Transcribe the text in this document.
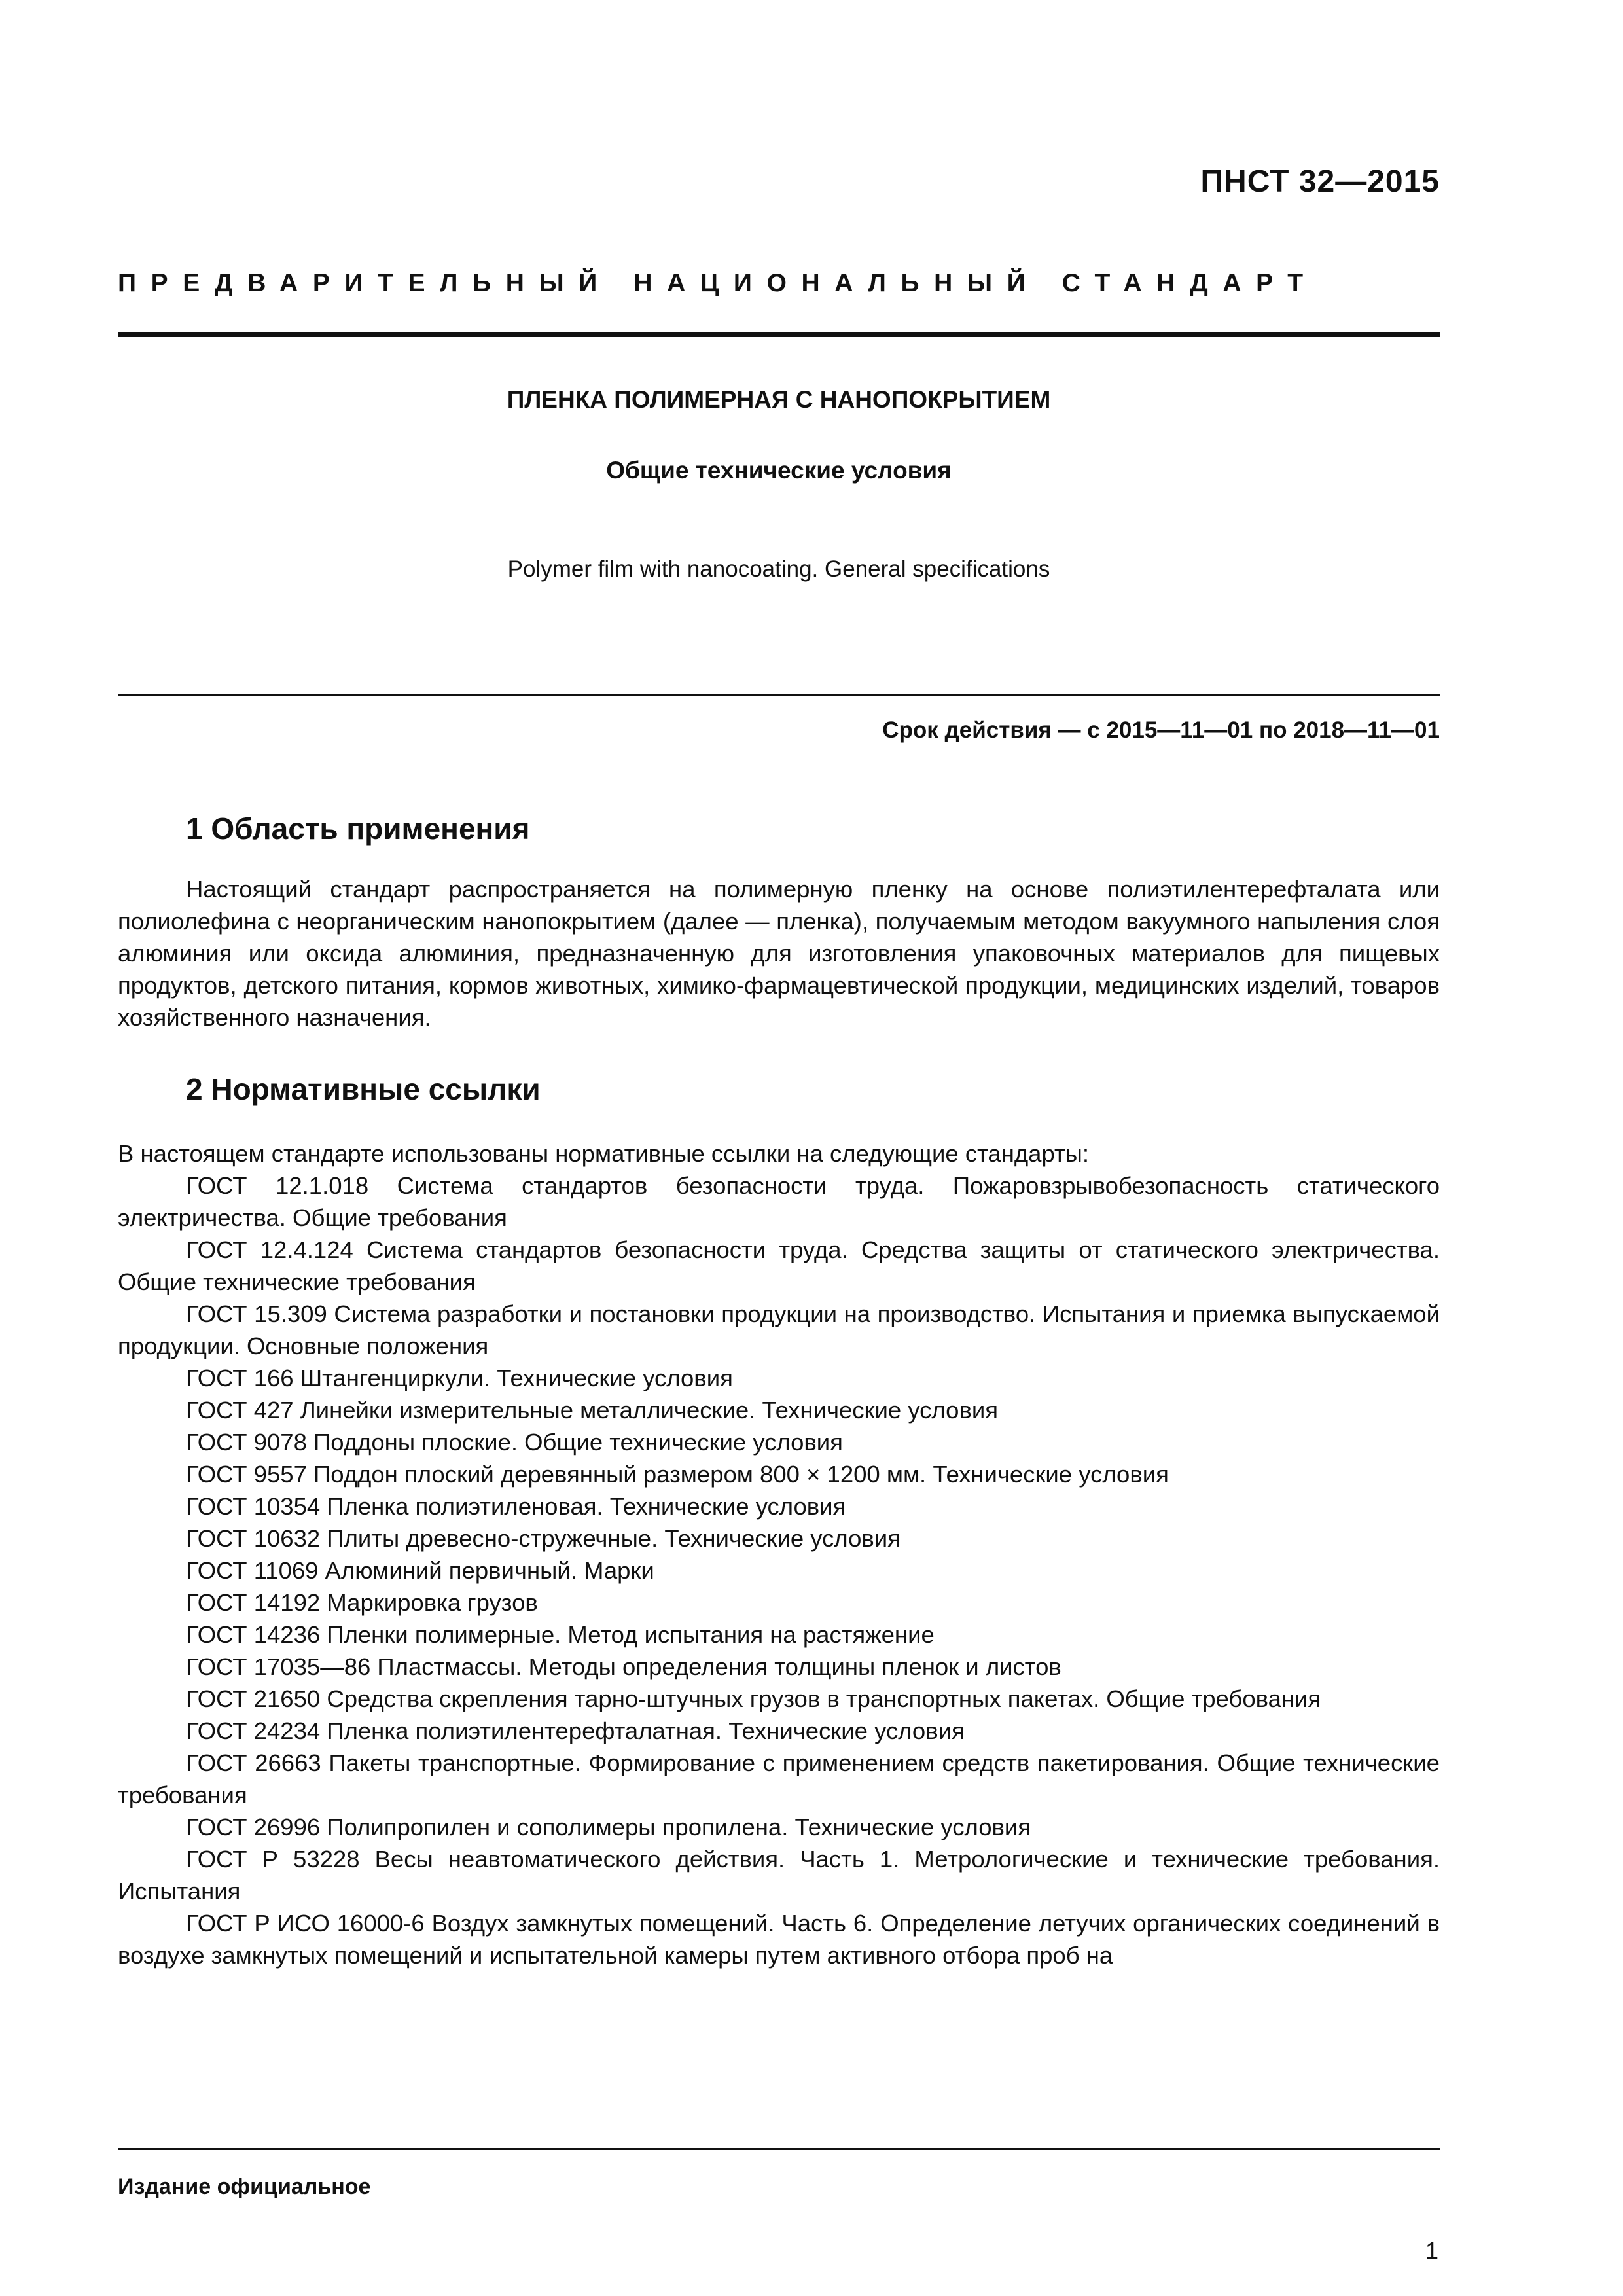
ПНСТ 32—2015
ПРЕДВАРИТЕЛЬНЫЙ НАЦИОНАЛЬНЫЙ СТАНДАРТ
ПЛЕНКА ПОЛИМЕРНАЯ С НАНОПОКРЫТИЕМ
Общие технические условия
Polymer film with nanocoating. General specifications
Срок действия — с 2015—11—01 по 2018—11—01
1 Область применения

Настоящий стандарт распространяется на полимерную пленку на основе полиэтилентерефталата или полиолефина с неорганическим нанопокрытием (далее — пленка), получаемым методом вакуумного напыления слоя алюминия или оксида алюминия, предназначенную для изготовления упаковочных материалов для пищевых продуктов, детского питания, кормов животных, химико-фармацевтической продукции, медицинских изделий, товаров хозяйственного назначения.

2 Нормативные ссылки

В настоящем стандарте использованы нормативные ссылки на следующие стандарты:

ГОСТ 12.1.018 Система стандартов безопасности труда. Пожаровзрывобезопасность статического электричества. Общие требования
ГОСТ 12.4.124 Система стандартов безопасности труда. Средства защиты от статического электричества. Общие технические требования
ГОСТ 15.309 Система разработки и постановки продукции на производство. Испытания и приемка выпускаемой продукции. Основные положения
ГОСТ 166 Штангенциркули. Технические условия
ГОСТ 427 Линейки измерительные металлические. Технические условия
ГОСТ 9078 Поддоны плоские. Общие технические условия
ГОСТ 9557 Поддон плоский деревянный размером 800 × 1200 мм. Технические условия
ГОСТ 10354 Пленка полиэтиленовая. Технические условия
ГОСТ 10632 Плиты древесно-стружечные. Технические условия
ГОСТ 11069 Алюминий первичный. Марки
ГОСТ 14192 Маркировка грузов
ГОСТ 14236 Пленки полимерные. Метод испытания на растяжение
ГОСТ 17035—86 Пластмассы. Методы определения толщины пленок и листов
ГОСТ 21650 Средства скрепления тарно-штучных грузов в транспортных пакетах. Общие требования
ГОСТ 24234 Пленка полиэтилентерефталатная. Технические условия
ГОСТ 26663 Пакеты транспортные. Формирование с применением средств пакетирования. Общие технические требования
ГОСТ 26996 Полипропилен и сополимеры пропилена. Технические условия
ГОСТ Р 53228 Весы неавтоматического действия. Часть 1. Метрологические и технические требования. Испытания
ГОСТ Р ИСО 16000-6 Воздух замкнутых помещений. Часть 6. Определение летучих органических соединений в воздухе замкнутых помещений и испытательной камеры путем активного отбора проб на
Издание официальное
1
